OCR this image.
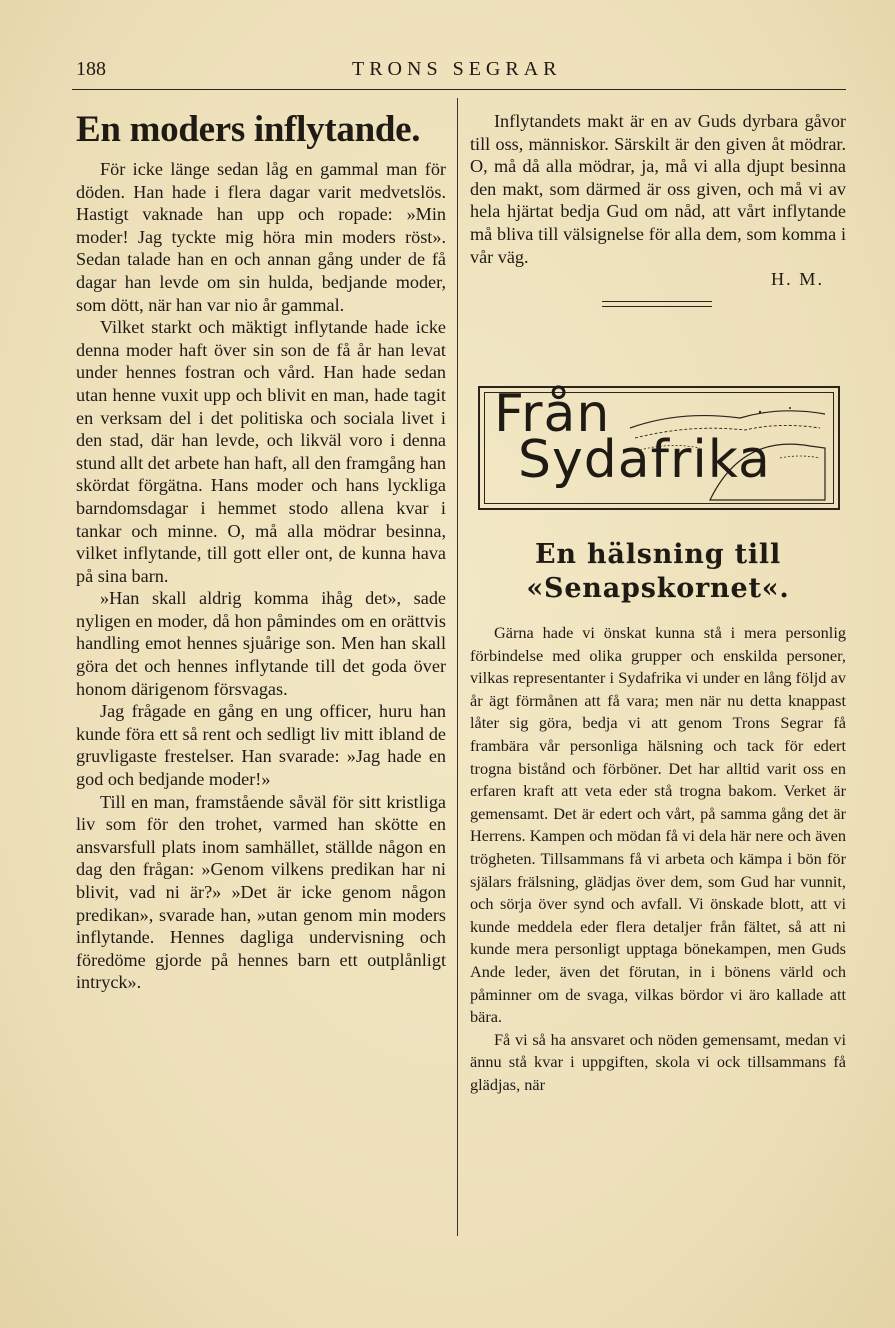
188	TRONS SEGRAR
En moders inflytande.

För icke länge sedan låg en gammal man för döden. Han hade i flera dagar varit medvetslös. Hastigt vaknade han upp och ropade: »Min moder! Jag tyckte mig höra min moders röst». Sedan talade han en och annan gång under de få dagar han levde om sin hulda, bedjande moder, som dött, när han var nio år gammal.

Vilket starkt och mäktigt inflytande hade icke denna moder haft över sin son de få år han levat under hennes fostran och vård. Han hade sedan utan henne vuxit upp och blivit en man, hade tagit en verksam del i det politiska och sociala livet i den stad, där han levde, och likväl voro i denna stund allt det arbete han haft, all den framgång han skördat förgätna. Hans moder och hans lyckliga barndomsdagar i hemmet stodo allena kvar i tankar och minne. O, må alla mödrar besinna, vilket inflytande, till gott eller ont, de kunna hava på sina barn.

»Han skall aldrig komma ihåg det», sade nyligen en moder, då hon påmindes om en orättvis handling emot hennes sjuårige son. Men han skall göra det och hennes inflytande till det goda över honom därigenom försvagas.

Jag frågade en gång en ung officer, huru han kunde föra ett så rent och sedligt liv mitt ibland de gruvligaste frestelser. Han svarade: »Jag hade en god och bedjande moder!»

Till en man, framstående såväl för sitt kristliga liv som för den trohet, varmed han skötte en ansvarsfull plats inom samhället, ställde någon en dag den frågan: »Genom vilkens predikan har ni blivit, vad ni är?» »Det är icke genom någon predikan», svarade han, »utan genom min moders inflytande. Hennes dagliga undervisning och föredöme gjorde på hennes barn ett outplånligt intryck».

Inflytandets makt är en av Guds dyrbara gåvor till oss, människor. Särskilt är den given åt mödrar. O, må då alla mödrar, ja, må vi alla djupt besinna den makt, som därmed är oss given, och må vi av hela hjärtat bedja Gud om nåd, att vårt inflytande må bliva till välsignelse för alla dem, som komma i vår väg.

H. M.
Från
Sydafrika
En hälsning till «Senapskornet«.

Gärna hade vi önskat kunna stå i mera personlig förbindelse med olika grupper och enskilda personer, vilkas representanter i Sydafrika vi under en lång följd av år ägt förmånen att få vara; men när nu detta knappast låter sig göra, bedja vi att genom Trons Segrar få frambära vår personliga hälsning och tack för edert trogna bistånd och förböner. Det har alltid varit oss en erfaren kraft att veta eder stå trogna bakom. Verket är gemensamt. Det är edert och vårt, på samma gång det är Herrens. Kampen och mödan få vi dela här nere och även trögheten. Tillsammans få vi arbeta och kämpa i bön för själars frälsning, glädjas över dem, som Gud har vunnit, och sörja över synd och avfall. Vi önskade blott, att vi kunde meddela eder flera detaljer från fältet, så att ni kunde mera personligt upptaga bönekampen, men Guds Ande leder, även det förutan, in i bönens värld och påminner om de svaga, vilkas bördor vi äro kallade att bära.

Få vi så ha ansvaret och nöden gemensamt, medan vi ännu stå kvar i uppgiften, skola vi ock tillsammans få glädjas, när
